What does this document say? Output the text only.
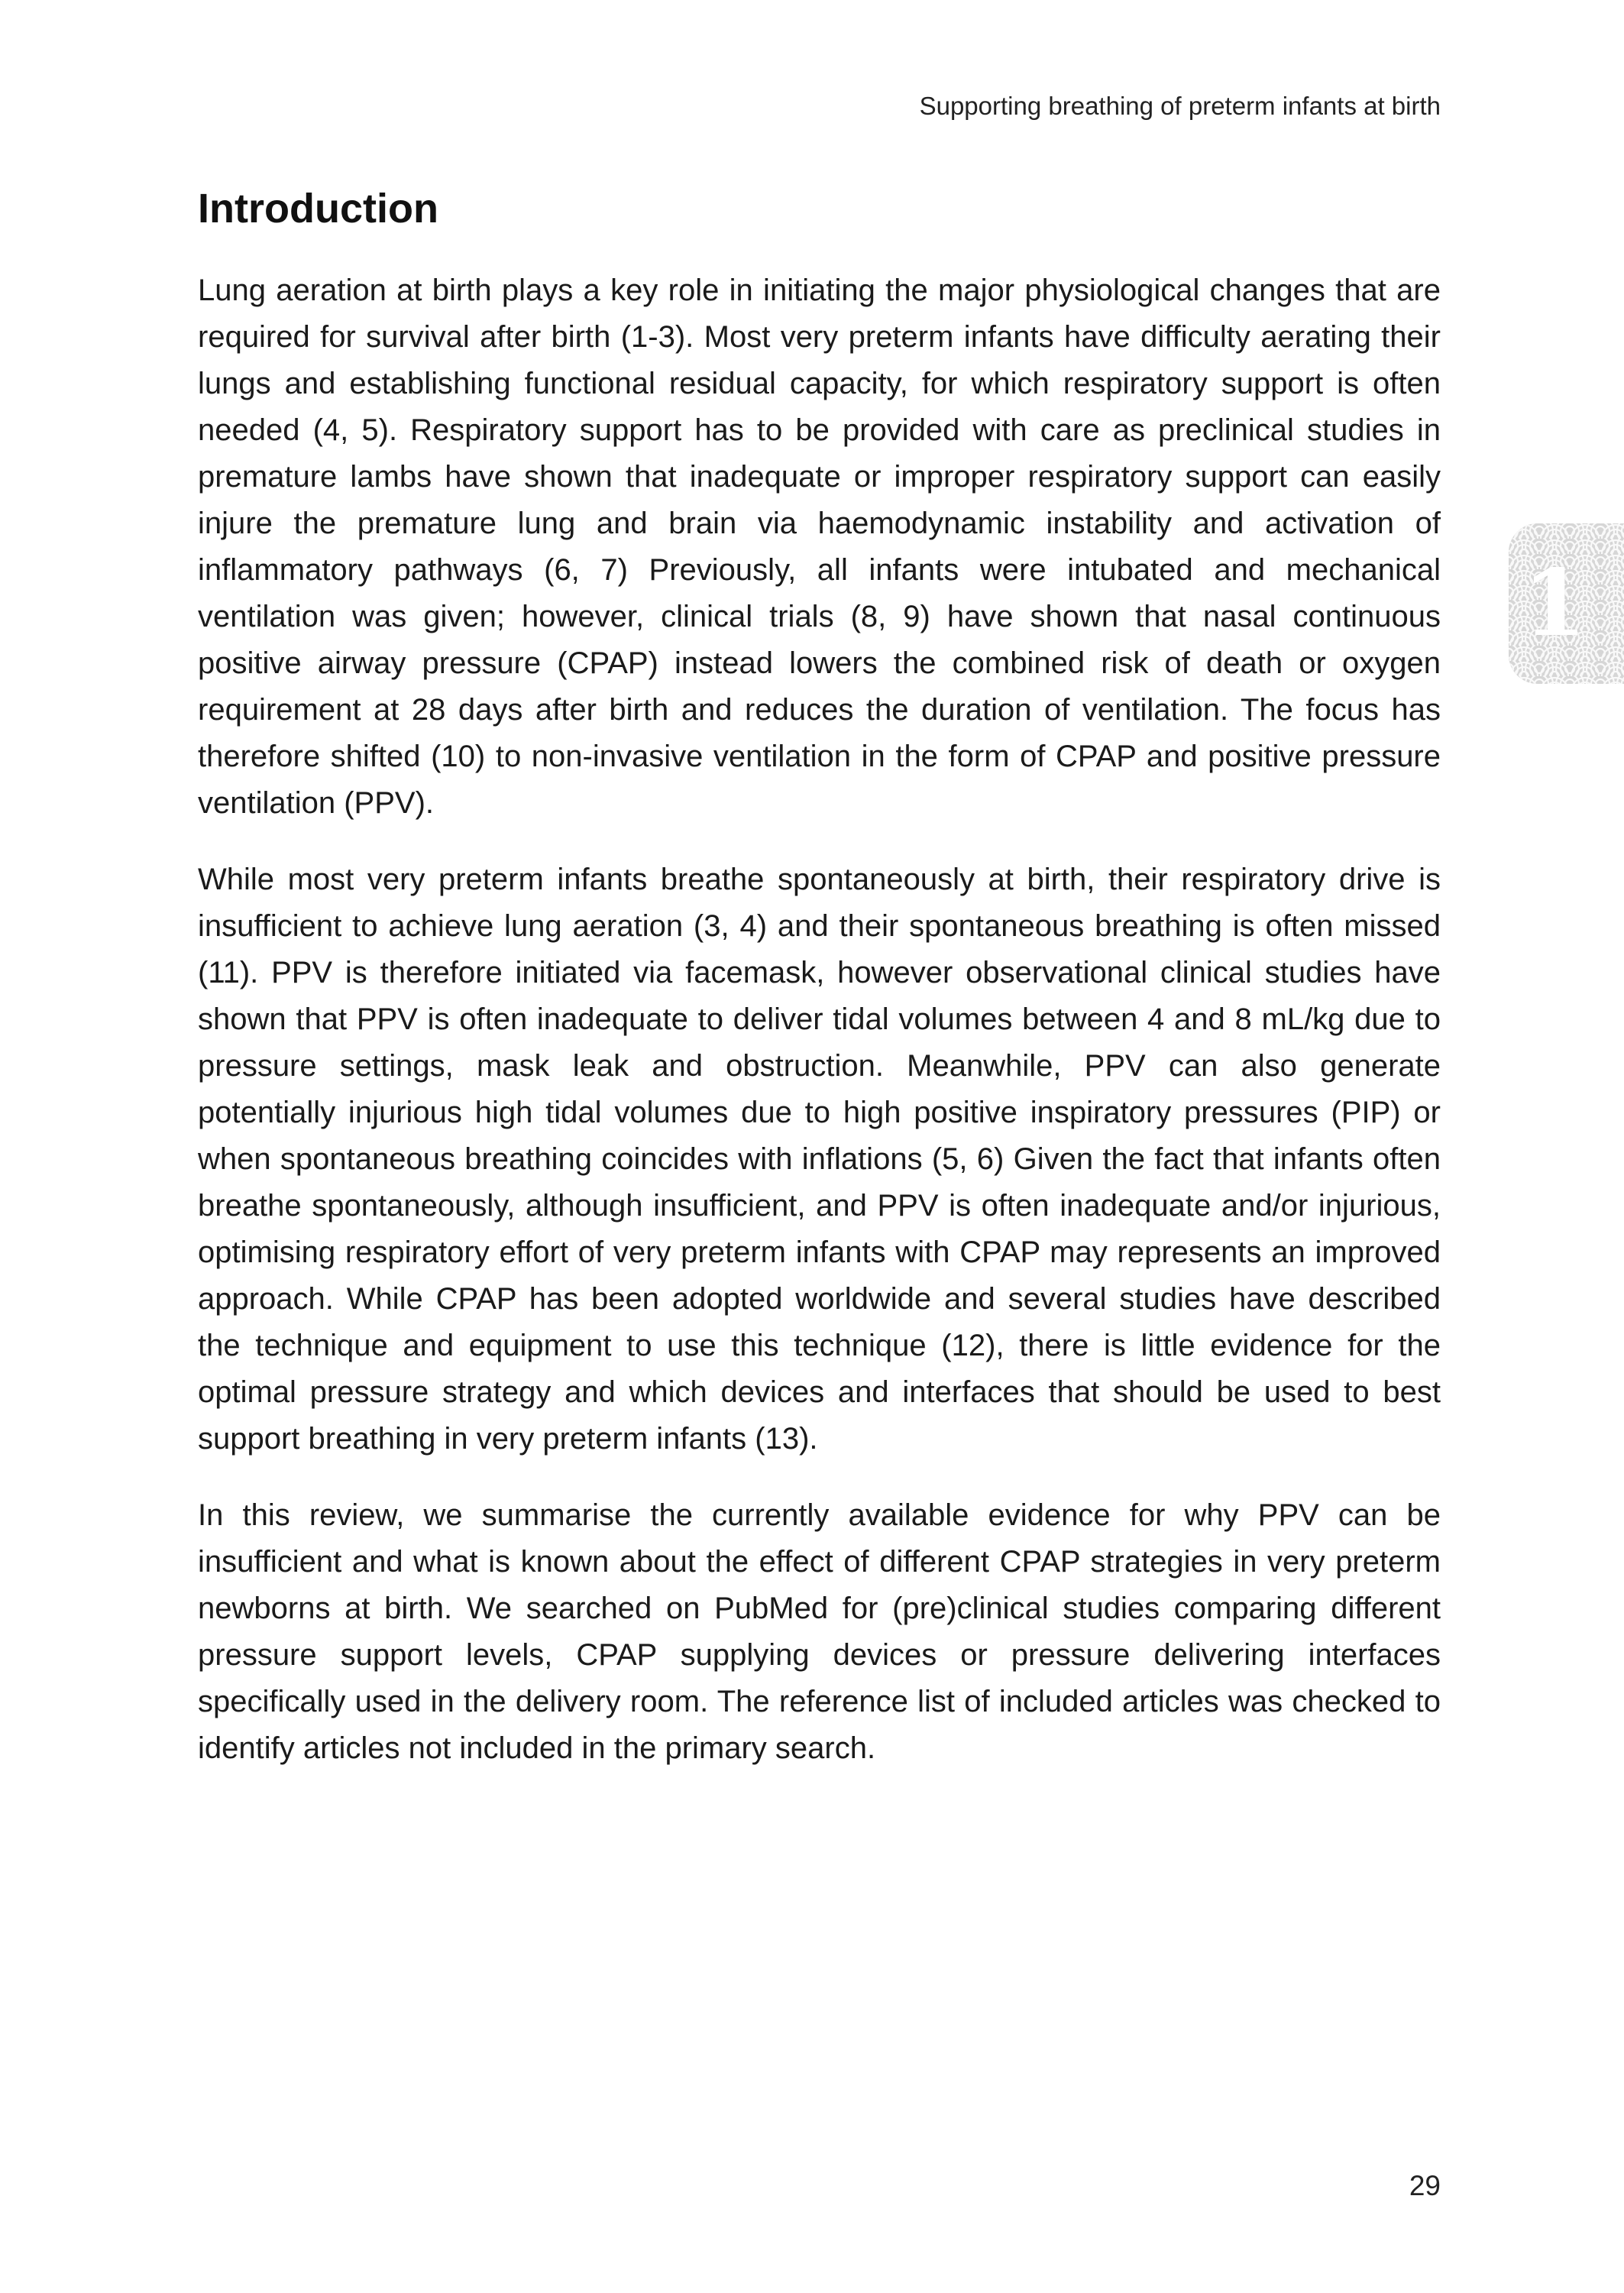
Supporting breathing of preterm infants at birth
Introduction

Lung aeration at birth plays a key role in initiating the major physiological changes that are required for survival after birth (1-3). Most very preterm infants have difficulty aerating their lungs and establishing functional residual capacity, for which respiratory support is often needed (4, 5). Respiratory support has to be provided with care as preclinical studies in premature lambs have shown that inadequate or improper respiratory support can easily injure the premature lung and brain via haemodynamic instability and activation of inflammatory pathways (6, 7) Previously, all infants were intubated and mechanical ventilation was given; however, clinical trials (8, 9) have shown that nasal continuous positive airway pressure (CPAP) instead lowers the combined risk of death or oxygen requirement at 28 days after birth and reduces the duration of ventilation. The focus has therefore shifted (10) to non-invasive ventilation in the form of CPAP and positive pressure ventilation (PPV).

While most very preterm infants breathe spontaneously at birth, their respiratory drive is insufficient to achieve lung aeration (3, 4) and their spontaneous breathing is often missed (11). PPV is therefore initiated via facemask, however observational clinical studies have shown that PPV is often inadequate to deliver tidal volumes between 4 and 8 mL/kg due to pressure settings, mask leak and obstruction. Meanwhile, PPV can also generate potentially injurious high tidal volumes due to high positive inspiratory pressures (PIP) or when spontaneous breathing coincides with inflations (5, 6) Given the fact that infants often breathe spontaneously, although insufficient, and PPV is often inadequate and/or injurious, optimising respiratory effort of very preterm infants with CPAP may represents an improved approach. While CPAP has been adopted worldwide and several studies have described the technique and equipment to use this technique (12), there is little evidence for the optimal pressure strategy and which devices and interfaces that should be used to best support breathing in very preterm infants (13).

In this review, we summarise the currently available evidence for why PPV can be insufficient and what is known about the effect of different CPAP strategies in very preterm newborns at birth. We searched on PubMed for (pre)clinical studies comparing different pressure support levels, CPAP supplying devices or pressure delivering interfaces specifically used in the delivery room. The reference list of included articles was checked to identify articles not included in the primary search.

1
29
